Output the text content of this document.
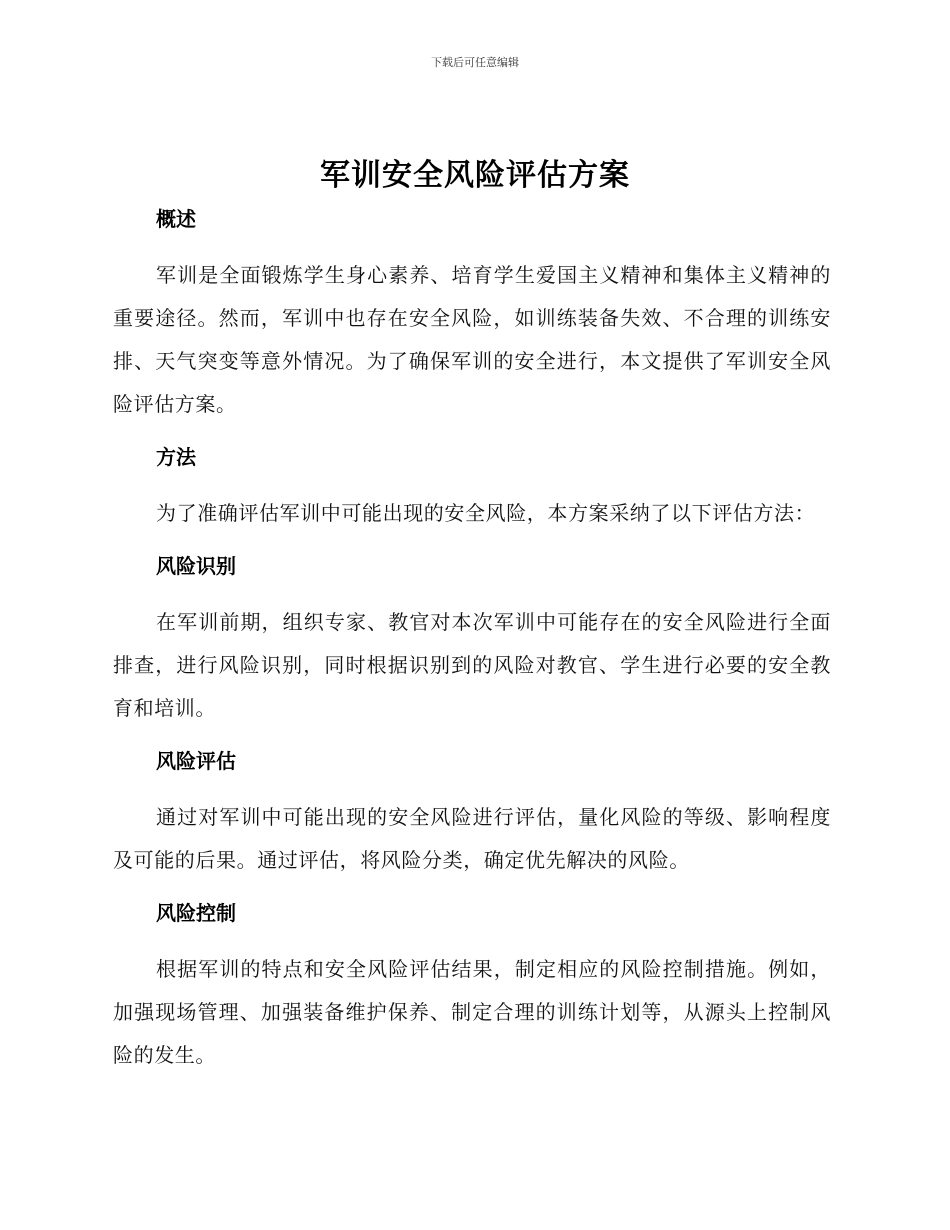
下载后可任意编辑
军训安全风险评估方案
概述

军训是全面锻炼学生身心素养、培育学生爱国主义精神和集体主义精神的重要途径。然而，军训中也存在安全风险，如训练装备失效、不合理的训练安排、天气突变等意外情况。为了确保军训的安全进行，本文提供了军训安全风险评估方案。

方法

为了准确评估军训中可能出现的安全风险，本方案采纳了以下评估方法：

风险识别

在军训前期，组织专家、教官对本次军训中可能存在的安全风险进行全面排查，进行风险识别，同时根据识别到的风险对教官、学生进行必要的安全教育和培训。

风险评估

通过对军训中可能出现的安全风险进行评估，量化风险的等级、影响程度及可能的后果。通过评估，将风险分类，确定优先解决的风险。

风险控制

根据军训的特点和安全风险评估结果，制定相应的风险控制措施。例如，加强现场管理、加强装备维护保养、制定合理的训练计划等，从源头上控制风险的发生。
